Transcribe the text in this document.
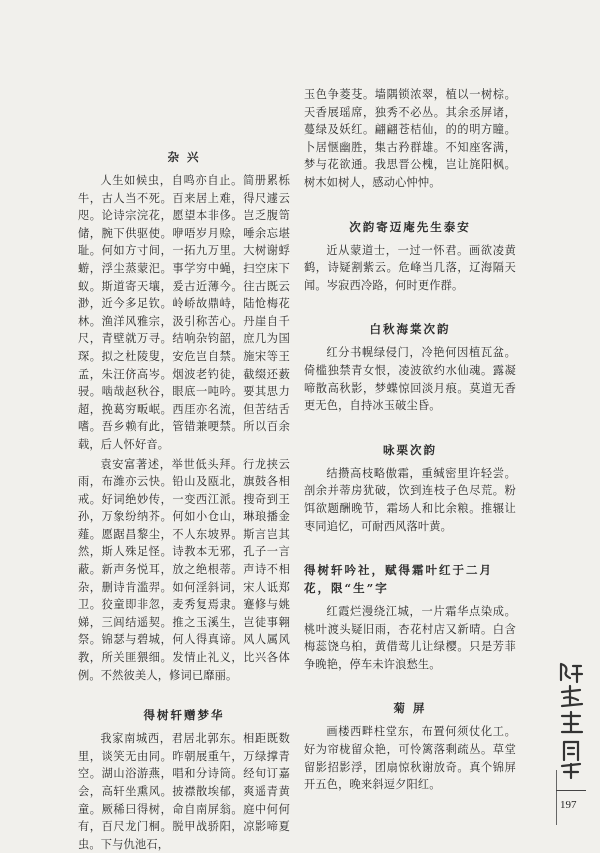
杂 兴

人生如候虫，自鸣亦自止。简册累栎牛，古人当不死。百来居上难，得尺遽云咫。论诗宗浣花，愿望本非侈。岂乏腹笥储，腕下供驱使。咿唔岁月赊，唾余忘堪耻。何如方寸间，一拓九万里。大树谢蜉蝣，浮尘蒸蒙汜。事学穷中蝇，扫空床下蚁。斯道寄天壤，爰古近薄今。往古既云渺，近今多足钦。岭峤故鼎峙，陆怆梅花林。渔洋风雅宗，汲引称苦心。丹崖自千尺，青壁就万寻。结响杂钧韶，庶几为国琛。拟之杜陵叟，安危岂自禁。施宋等王孟，朱汪侪高岑。烟波老钓徒，截缀还薮骎。啮哉赵秋谷，眼底一吨吟。要其思力超，挽葛穷畈岷。西厓亦名流，但苦结舌嗜。吾乡赖有此，管错兼哽禁。所以百余载，后人怀好音。

袁安富著述，举世低头拜。行龙挟云雨，布潍亦云快。铅山及瓯北，旗鼓各相戒。好词绝妙传，一变西江派。搜奇到王孙，万象纷纳芥。何如小仓山，琳琅播金薤。愿踞昌黎尘，不人东坡界。斯言岂其然，斯人殊足怪。诗教本无邪，孔子一言蔽。新声务悦耳，放之绝根蒂。声诗不相杂，删诗肯滥羿。如何淫斜词，宋人诋郑卫。狡童即非忽，麦秀复焉隶。蹇修与姚娣，三闾结遥契。推之玉溪生，岂徒事翱祭。锦瑟与碧城，何人得真谛。风人属风教，所关匪猥细。发情止礼义，比兴各体例。不然彼美人，修词已靡丽。

得树轩赠梦华

我家南城西，君居北郭东。相距既数里，谈笑无由同。昨朝展重午，万绿撑青空。湖山浴游燕，唱和分诗筒。经旬订嘉会，高轩坐熏风。披襟散埃郁，爽遥青黄童。厥稀曰得树，命自南屏翁。庭中何何有，百尺龙门桐。脱甲战骄阳，凉影啼夏虫。下与仇池石，

玉色争菱芟。墙隅锁浓翠，植以一树棕。天香展瑶席，独秀不必丛。其余丞屏诸，蔓绿及妖红。翩翩苍桔仙，的的明方瞳。卜居惬幽胜，集古矜群雄。不知座客满，梦与花欲通。我思晋公槐，岂让旄阳枫。树木如树人，感动心忡忡。

次韵寄迈庵先生泰安

近从蒙道士，一过一怀君。画欲凌黄鹤，诗疑割紫云。危峰当几落，辽海隔天闻。岑寂西冷路，何时更作群。

白秋海棠次韵

红分书幌绿侵门，冷艳何因植瓦盆。倚槛独禁青女恨，凌波欲约水仙魂。露凝啼散高秋影，梦蝶惊回淡月痕。莫道无香更无色，自持冰玉破尘昏。

咏栗次韵

结攒高枝略傲霜，重缄密里许轻尝。剖余并蒂房犹破，饮到连枝子色尽荒。粉饵欲题酬晚节，霜场人和比余粮。推辗让枣同追忆，可耐西风落叶黄。

得树轩吟社，赋得霜叶红于二月花，限“生”字

红霞烂漫绕江城，一片霜华点染成。桃叶渡头疑旧雨，杏花村店又新晴。白含梅蕊饶乌桕，黄借莺儿让绿樱。只是芳菲争晚艳，停车未许浪愁生。

菊 屏

画楼西畔柱堂东，布置何须仗化工。好为帘栊留众艳，可怜篱落剩疏丛。草堂留影招影浮，团扇惊秋谢放奇。真个锦屏开五色，晚来斜逗夕阳红。

197
